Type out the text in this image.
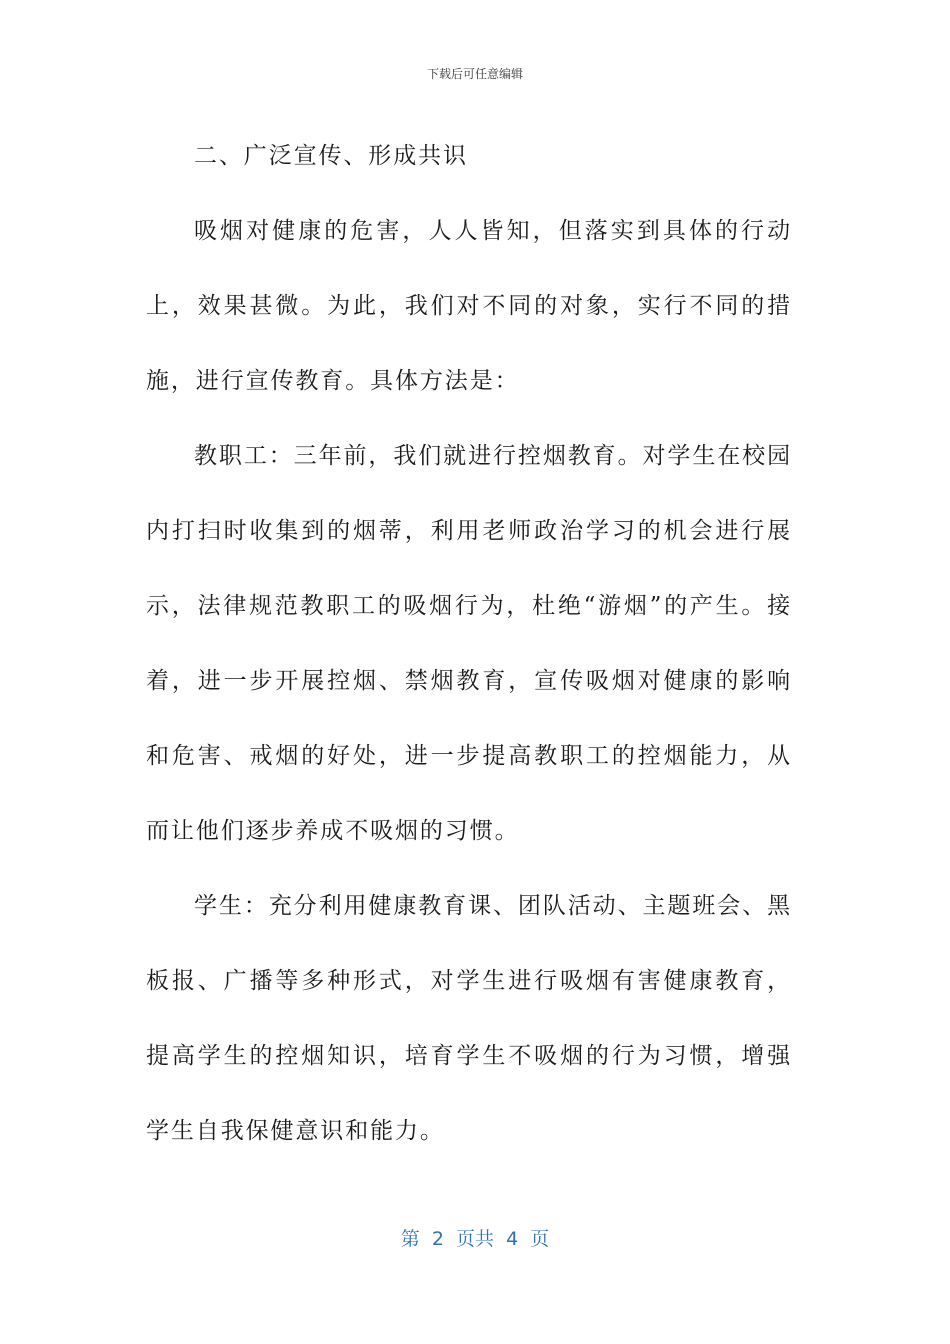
下载后可任意编辑

二、广泛宣传、形成共识

吸烟对健康的危害，人人皆知，但落实到具体的行动上，效果甚微。为此，我们对不同的对象，实行不同的措施，进行宣传教育。具体方法是：

教职工：三年前，我们就进行控烟教育。对学生在校园内打扫时收集到的烟蒂，利用老师政治学习的机会进行展示，法律规范教职工的吸烟行为，杜绝“游烟”的产生。接着，进一步开展控烟、禁烟教育，宣传吸烟对健康的影响和危害、戒烟的好处，进一步提高教职工的控烟能力，从而让他们逐步养成不吸烟的习惯。

学生：充分利用健康教育课、团队活动、主题班会、黑板报、广播等多种形式，对学生进行吸烟有害健康教育，提高学生的控烟知识，培育学生不吸烟的行为习惯，增强学生自我保健意识和能力。

第  2  页共  4  页
